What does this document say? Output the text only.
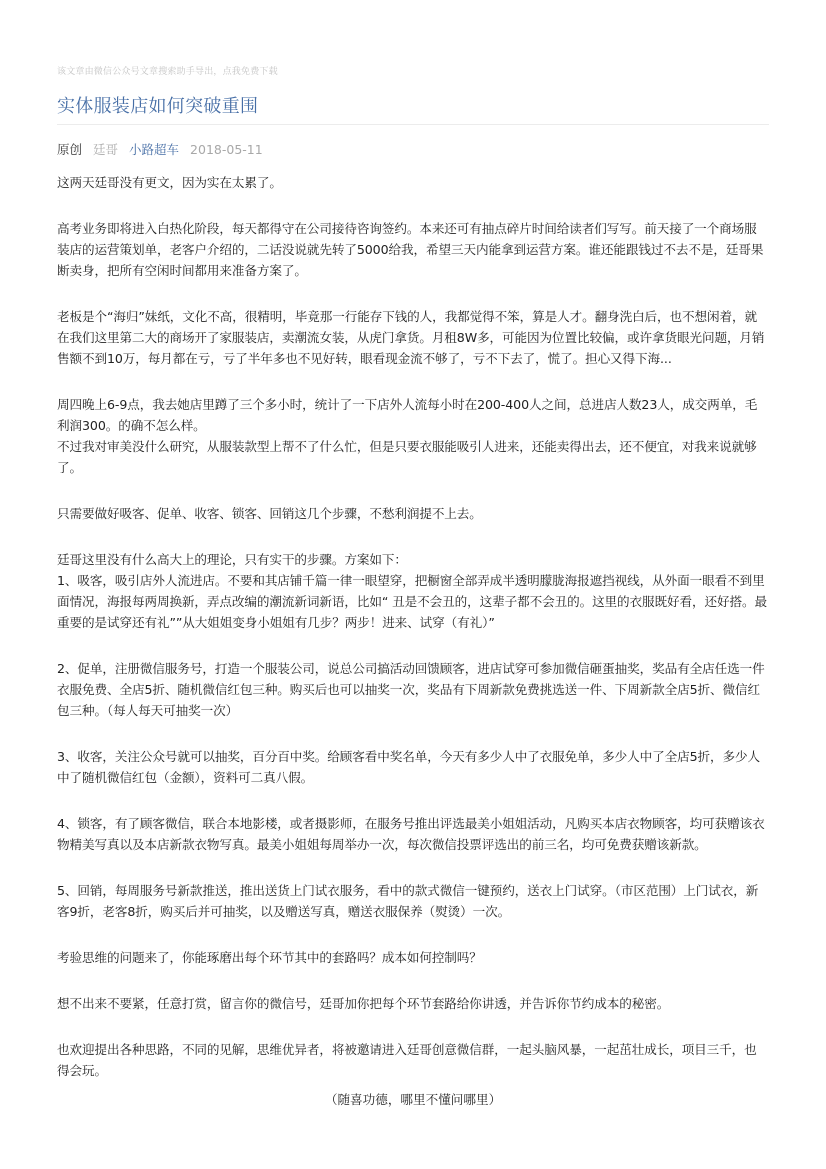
该文章由微信公众号文章搜索助手导出，点我免费下载
实体服装店如何突破重围
原创 廷哥 小路超车 2018-05-11

这两天廷哥没有更文，因为实在太累了。

高考业务即将进入白热化阶段，每天都得守在公司接待咨询签约。本来还可有抽点碎片时间给读者们写写。前天接了一个商场服装店的运营策划单，老客户介绍的，二话没说就先转了5000给我，希望三天内能拿到运营方案。谁还能跟钱过不去不是，廷哥果断卖身，把所有空闲时间都用来准备方案了。

老板是个“海归”妹纸，文化不高，很精明，毕竟那一行能存下钱的人，我都觉得不笨，算是人才。翻身洗白后，也不想闲着，就在我们这里第二大的商场开了家服装店，卖潮流女装，从虎门拿货。月租8W多，可能因为位置比较偏，或许拿货眼光问题，月销售额不到10万，每月都在亏，亏了半年多也不见好转，眼看现金流不够了，亏不下去了，慌了。担心又得下海...

周四晚上6-9点，我去她店里蹲了三个多小时，统计了一下店外人流每小时在200-400人之间，总进店人数23人，成交两单，毛利润300。的确不怎么样。

不过我对审美没什么研究，从服装款型上帮不了什么忙，但是只要衣服能吸引人进来，还能卖得出去，还不便宜，对我来说就够了。

只需要做好吸客、促单、收客、锁客、回销这几个步骤，不愁利润提不上去。

廷哥这里没有什么高大上的理论，只有实干的步骤。方案如下：

1、吸客，吸引店外人流进店。不要和其店铺千篇一律一眼望穿，把橱窗全部弄成半透明朦胧海报遮挡视线，从外面一眼看不到里面情况，海报每两周换新，弄点改编的潮流新词新语，比如“ 丑是不会丑的，这辈子都不会丑的。这里的衣服既好看，还好搭。最重要的是试穿还有礼””从大姐姐变身小姐姐有几步？两步！进来、试穿（有礼）”

2、促单，注册微信服务号，打造一个服装公司，说总公司搞活动回馈顾客，进店试穿可参加微信砸蛋抽奖，奖品有全店任选一件衣服免费、全店5折、随机微信红包三种。购买后也可以抽奖一次，奖品有下周新款免费挑选送一件、下周新款全店5折、微信红包三种。（每人每天可抽奖一次）

3、收客，关注公众号就可以抽奖，百分百中奖。给顾客看中奖名单，今天有多少人中了衣服免单，多少人中了全店5折，多少人中了随机微信红包（金额），资料可二真八假。

4、锁客，有了顾客微信，联合本地影楼，或者摄影师，在服务号推出评选最美小姐姐活动，凡购买本店衣物顾客，均可获赠该衣物精美写真以及本店新款衣物写真。最美小姐姐每周举办一次，每次微信投票评选出的前三名，均可免费获赠该新款。

5、回销，每周服务号新款推送，推出送货上门试衣服务，看中的款式微信一键预约，送衣上门试穿。（市区范围）上门试衣，新客9折，老客8折，购买后并可抽奖，以及赠送写真，赠送衣服保养（熨烫）一次。

考验思维的问题来了，你能琢磨出每个环节其中的套路吗？成本如何控制吗？

想不出来不要紧，任意打赏，留言你的微信号，廷哥加你把每个环节套路给你讲透，并告诉你节约成本的秘密。

也欢迎提出各种思路，不同的见解，思维优异者，将被邀请进入廷哥创意微信群，一起头脑风暴，一起茁壮成长，项目三千，也得会玩。

（随喜功德，哪里不懂问哪里）
